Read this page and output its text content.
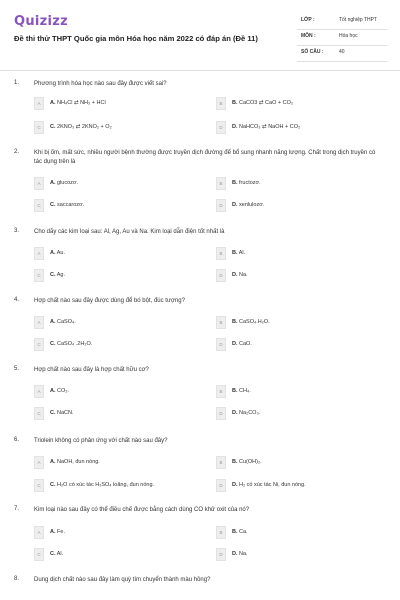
Quizizz
Đề thi thử THPT Quốc gia môn Hóa học năm 2022 có đáp án (Đề 11)
LỚP :	Tốt nghiệp THPT
MÔN :	Hóa học
SỐ CÂU :	40
1. Phương trình hóa học nào sau đây được viết sai?
A	A. NH₄Cl ⇄ NH₃ + HCl	B	B. CaCO3 ⇄ CaO + CO₂
C	C. 2KNO₃ ⇄ 2KNO₂ + O₂	D	D. NaHCO₃ ⇄ NaOH + CO₂
2. Khi bị ốm, mất sức, nhiều người bệnh thường được truyền dịch đường để bổ sung nhanh năng lượng. Chất trong dịch truyền có tác dụng trên là
A	A. glucozơ.	B	B. fructozơ.
C	C. saccarozơ.	D	D. xenlulozơ.
3. Cho dãy các kim loại sau: Al, Ag, Au và Na. Kim loại dẫn điện tốt nhất là
A	A. Au.	B	B. Al.
C	C. Ag.	D	D. Na.
4. Hợp chất nào sau đây được dùng để bó bột, đúc tượng?
A	A. CaSO₄.	B	B. CaSO₄.H₂O.
C	C. CaSO₄ .2H₂O.	D	D. CaO.
5. Hợp chất nào sau đây là hợp chất hữu cơ?
A	A. CO₂.	B	B. CH₄.
C	C. NaCN.	D	D. Na₂CO₃.
6. Triolein không có phản ứng với chất nào sau đây?
A	A. NaOH, đun nóng.	B	B. Cu(OH)₂.
C	C. H₂O có xúc tác H₂SO₄ loãng, đun nóng.	D	D. H₂ có xúc tác Ni, đun nóng.
7. Kim loại nào sau đây có thể điều chế được bằng cách dùng CO khử oxit của nó?
A	A. Fe.	B	B. Ca.
C	C. Al.	D	D. Na.
8. Dung dịch chất nào sau đây làm quỳ tím chuyển thành màu hồng?
